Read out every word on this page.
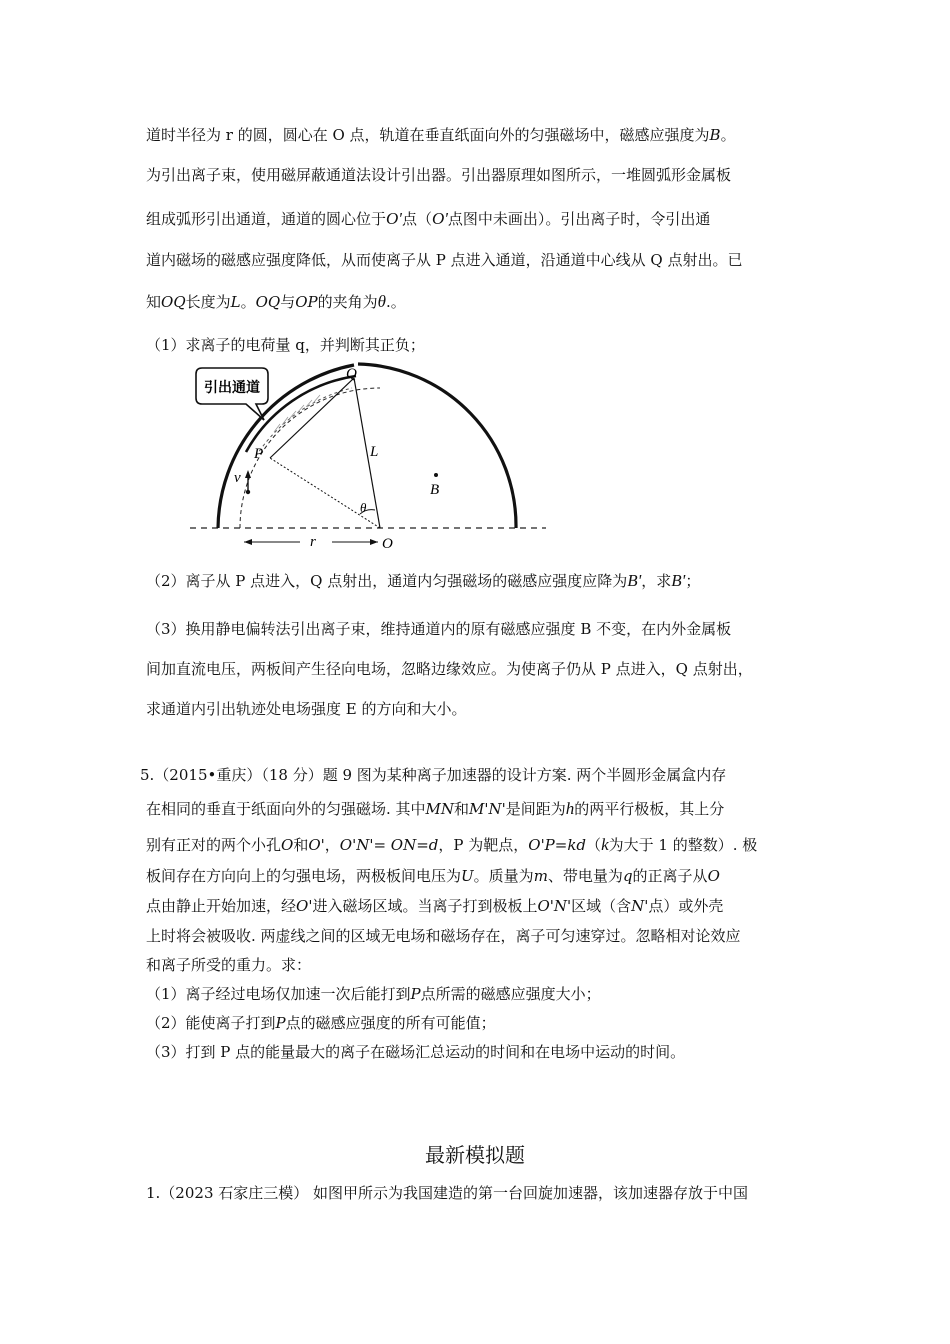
道时半径为 r 的圆，圆心在 O 点，轨道在垂直纸面向外的匀强磁场中，磁感应强度为B。
为引出离子束，使用磁屏蔽通道法设计引出器。引出器原理如图所示，一堆圆弧形金属板
组成弧形引出通道，通道的圆心位于O'点（O'点图中未画出）。引出离子时，令引出通
道内磁场的磁感应强度降低，从而使离子从 P 点进入通道，沿通道中心线从 Q 点射出。已
知OQ长度为L。OQ与OP的夹角为θ.。
（1）求离子的电荷量 q，并判断其正负；
引出通道
Q
P
v
L
B
θ
r	O
（2）离子从 P 点进入，Q 点射出，通道内匀强磁场的磁感应强度应降为B'，求B'；
（3）换用静电偏转法引出离子束，维持通道内的原有磁感应强度 B 不变，在内外金属板
间加直流电压，两板间产生径向电场，忽略边缘效应。为使离子仍从 P 点进入，Q 点射出，
求通道内引出轨迹处电场强度 E 的方向和大小。
5.（2015•重庆）（18 分）题 9 图为某种离子加速器的设计方案. 两个半圆形金属盒内存
在相同的垂直于纸面向外的匀强磁场. 其中MN和M'N'是间距为h的两平行极板，其上分
别有正对的两个小孔O和O'，O'N'= ON=d，P 为靶点，O'P=kd（k为大于 1 的整数）. 极
板间存在方向向上的匀强电场，两极板间电压为U。质量为m、带电量为q的正离子从O
点由静止开始加速，经O'进入磁场区域。当离子打到极板上O'N'区域（含N'点）或外壳
上时将会被吸收. 两虚线之间的区域无电场和磁场存在，离子可匀速穿过。忽略相对论效应
和离子所受的重力。求：
（1）离子经过电场仅加速一次后能打到P点所需的磁感应强度大小；
（2）能使离子打到P点的磁感应强度的所有可能值；
（3）打到 P 点的能量最大的离子在磁场汇总运动的时间和在电场中运动的时间。
最新模拟题
1.（2023 石家庄三模） 如图甲所示为我国建造的第一台回旋加速器，该加速器存放于中国
